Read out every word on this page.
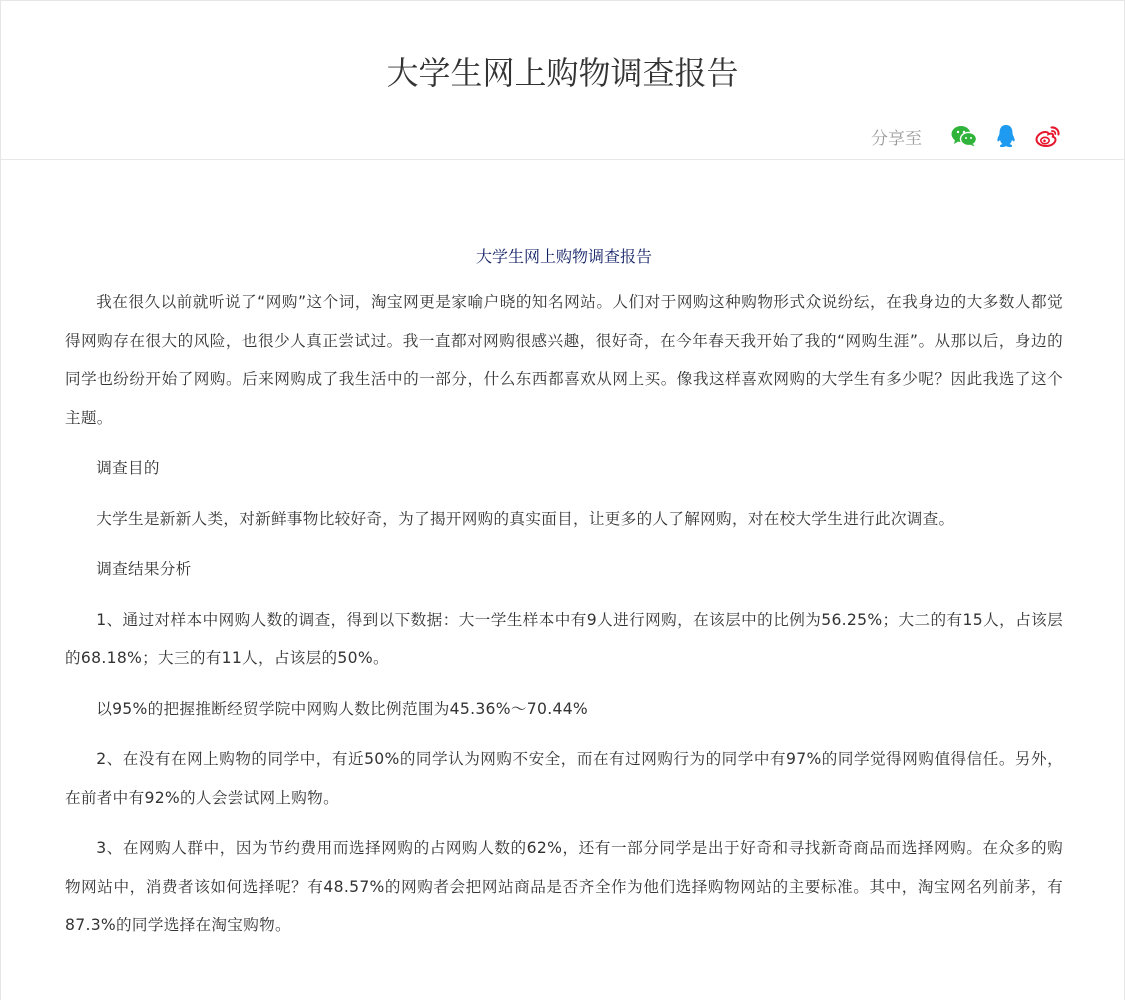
大学生网上购物调查报告
分享至
大学生网上购物调查报告

我在很久以前就听说了“网购”这个词，淘宝网更是家喻户晓的知名网站。人们对于网购这种购物形式众说纷纭，在我身边的大多数人都觉得网购存在很大的风险，也很少人真正尝试过。我一直都对网购很感兴趣，很好奇，在今年春天我开始了我的“网购生涯”。从那以后，身边的同学也纷纷开始了网购。后来网购成了我生活中的一部分，什么东西都喜欢从网上买。像我这样喜欢网购的大学生有多少呢？因此我选了这个主题。

调查目的

大学生是新新人类，对新鲜事物比较好奇，为了揭开网购的真实面目，让更多的人了解网购，对在校大学生进行此次调查。

调查结果分析

1、通过对样本中网购人数的调查，得到以下数据：大一学生样本中有9人进行网购，在该层中的比例为56.25%；大二的有15人，占该层的68.18%；大三的有11人，占该层的50%。

以95%的把握推断经贸学院中网购人数比例范围为45.36%～70.44%

2、在没有在网上购物的同学中，有近50%的同学认为网购不安全，而在有过网购行为的同学中有97%的同学觉得网购值得信任。另外，在前者中有92%的人会尝试网上购物。

3、在网购人群中，因为节约费用而选择网购的占网购人数的62%，还有一部分同学是出于好奇和寻找新奇商品而选择网购。在众多的购物网站中，消费者该如何选择呢？有48.57%的网购者会把网站商品是否齐全作为他们选择购物网站的主要标准。其中，淘宝网名列前茅，有87.3%的同学选择在淘宝购物。
